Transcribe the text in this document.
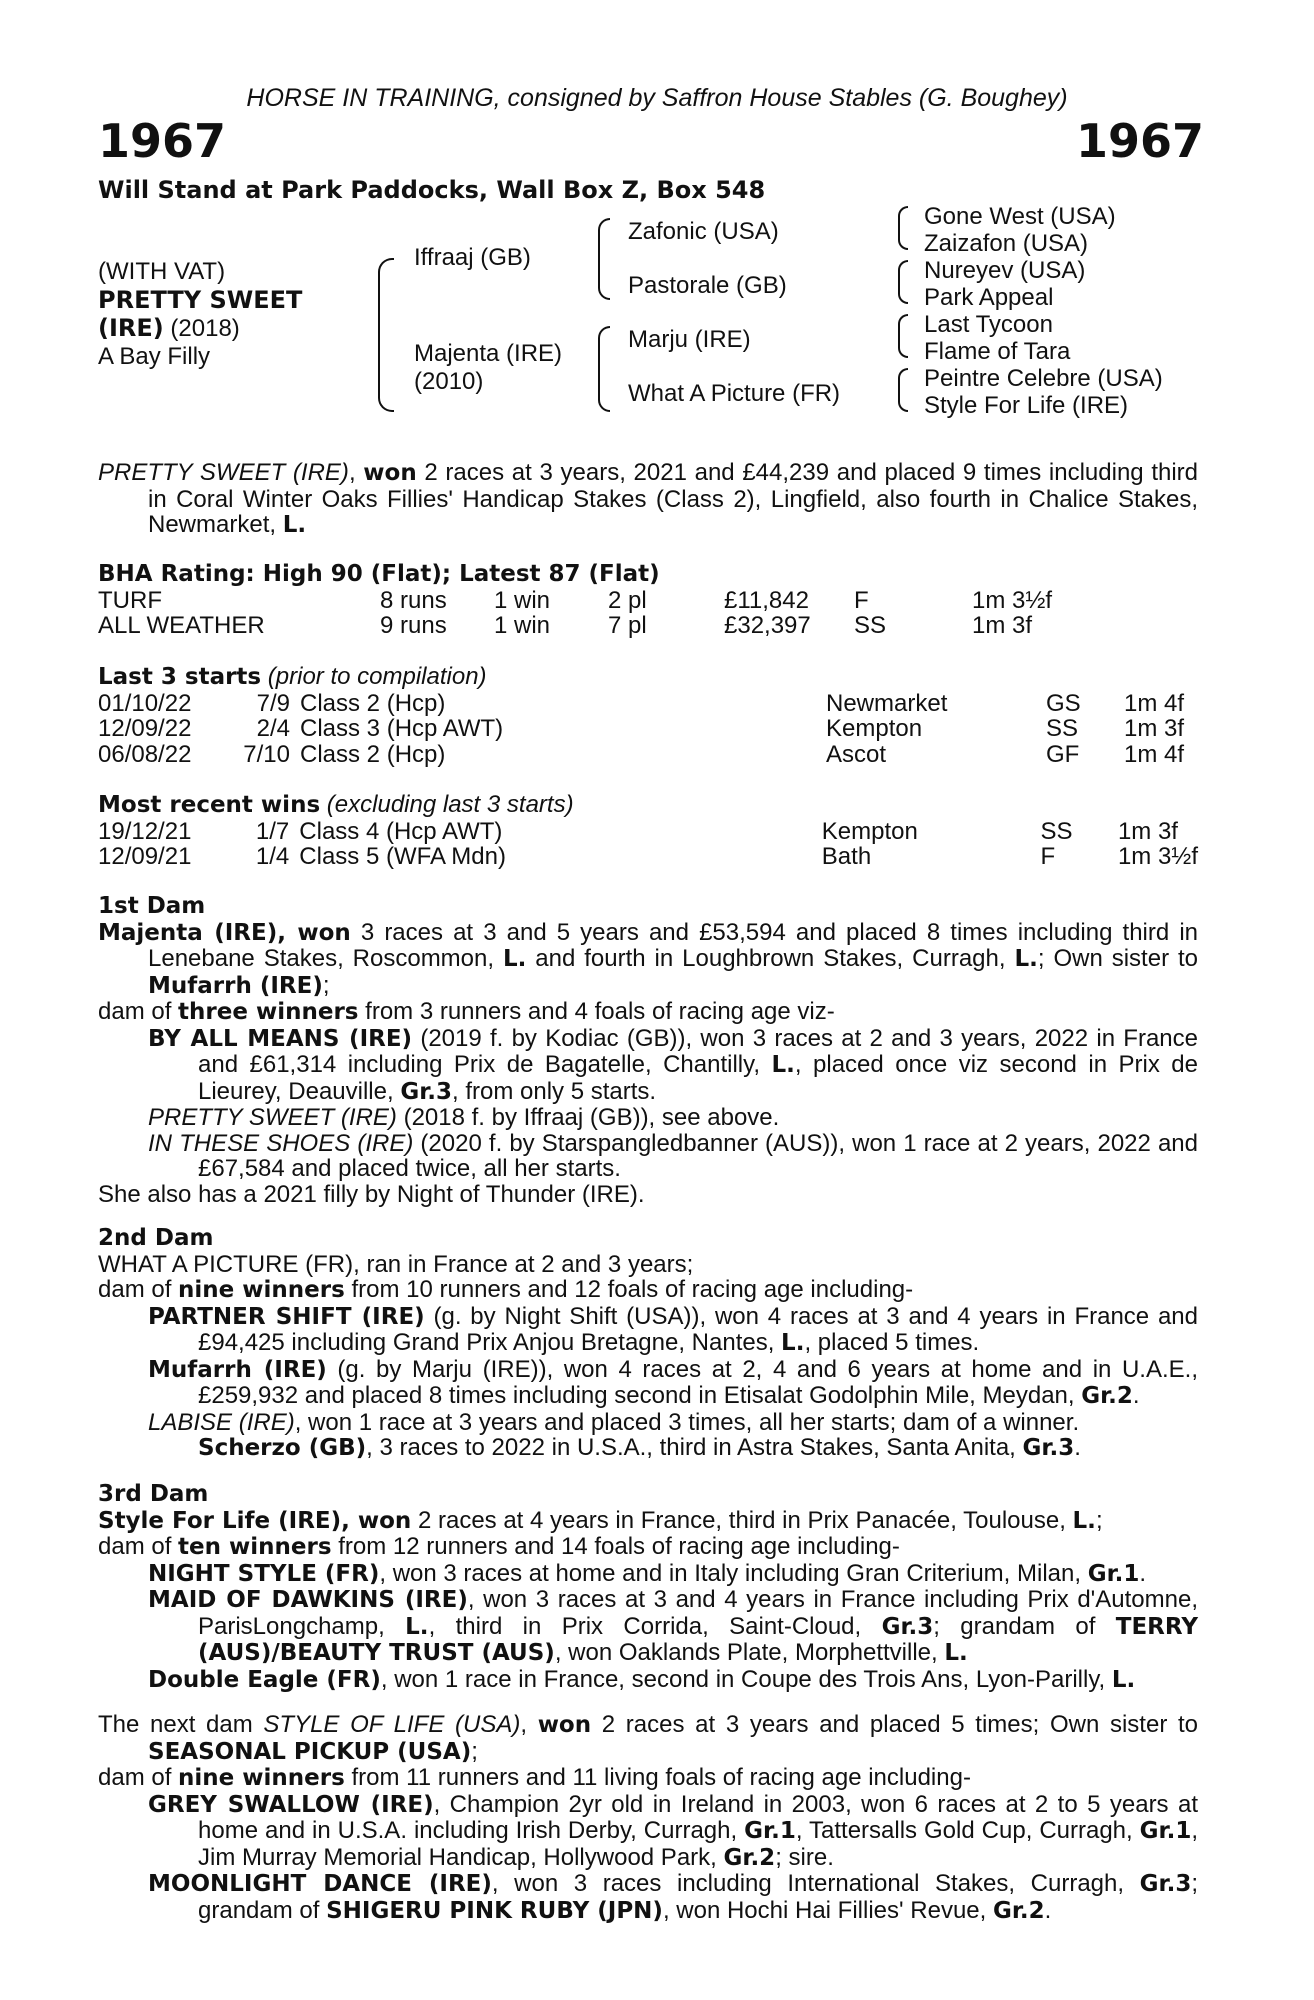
HORSE IN TRAINING, consigned by Saffron House Stables (G. Boughey)
1967	1967
Will Stand at Park Paddocks, Wall Box Z, Box 548
(WITH VAT)
PRETTY SWEET
(IRE) (2018)
A Bay Filly
Iffraaj (GB)
Majenta (IRE)
(2010)
Zafonic (USA)
Pastorale (GB)
Marju (IRE)
What A Picture (FR)
Gone West (USA)
Zaizafon (USA)
Nureyev (USA)
Park Appeal
Last Tycoon
Flame of Tara
Peintre Celebre (USA)
Style For Life (IRE)

PRETTY SWEET (IRE), won 2 races at 3 years, 2021 and £44,239 and placed 9 times including third in Coral Winter Oaks Fillies' Handicap Stakes (Class 2), Lingfield, also fourth in Chalice Stakes, Newmarket, L.

BHA Rating: High 90 (Flat); Latest 87 (Flat)

TURF	8 runs	1 win	2 pl	£11,842	F	1m 3½f
ALL WEATHER	9 runs	1 win	7 pl	£32,397	SS	1m 3f

Last 3 starts (prior to compilation)

01/10/22	7/9	Class 2 (Hcp)	Newmarket	GS	1m 4f
12/09/22	2/4	Class 3 (Hcp AWT)	Kempton	SS	1m 3f
06/08/22	7/10	Class 2 (Hcp)	Ascot	GF	1m 4f

Most recent wins (excluding last 3 starts)

19/12/21	1/7	Class 4 (Hcp AWT)	Kempton	SS	1m 3f
12/09/21	1/4	Class 5 (WFA Mdn)	Bath	F	1m 3½f

1st Dam

Majenta (IRE), won 3 races at 3 and 5 years and £53,594 and placed 8 times including third in Lenebane Stakes, Roscommon, L. and fourth in Loughbrown Stakes, Curragh, L.; Own sister to Mufarrh (IRE);

dam of three winners from 3 runners and 4 foals of racing age viz-

BY ALL MEANS (IRE) (2019 f. by Kodiac (GB)), won 3 races at 2 and 3 years, 2022 in France and £61,314 including Prix de Bagatelle, Chantilly, L., placed once viz second in Prix de Lieurey, Deauville, Gr.3, from only 5 starts.

PRETTY SWEET (IRE) (2018 f. by Iffraaj (GB)), see above.

IN THESE SHOES (IRE) (2020 f. by Starspangledbanner (AUS)), won 1 race at 2 years, 2022 and £67,584 and placed twice, all her starts.

She also has a 2021 filly by Night of Thunder (IRE).

2nd Dam

WHAT A PICTURE (FR), ran in France at 2 and 3 years;

dam of nine winners from 10 runners and 12 foals of racing age including-

PARTNER SHIFT (IRE) (g. by Night Shift (USA)), won 4 races at 3 and 4 years in France and £94,425 including Grand Prix Anjou Bretagne, Nantes, L., placed 5 times.

Mufarrh (IRE) (g. by Marju (IRE)), won 4 races at 2, 4 and 6 years at home and in U.A.E., £259,932 and placed 8 times including second in Etisalat Godolphin Mile, Meydan, Gr.2.

LABISE (IRE), won 1 race at 3 years and placed 3 times, all her starts; dam of a winner.

Scherzo (GB), 3 races to 2022 in U.S.A., third in Astra Stakes, Santa Anita, Gr.3.

3rd Dam

Style For Life (IRE), won 2 races at 4 years in France, third in Prix Panacée, Toulouse, L.;

dam of ten winners from 12 runners and 14 foals of racing age including-

NIGHT STYLE (FR), won 3 races at home and in Italy including Gran Criterium, Milan, Gr.1.

MAID OF DAWKINS (IRE), won 3 races at 3 and 4 years in France including Prix d'Automne, ParisLongchamp, L., third in Prix Corrida, Saint-Cloud, Gr.3; grandam of TERRY (AUS)/BEAUTY TRUST (AUS), won Oaklands Plate, Morphettville, L.

Double Eagle (FR), won 1 race in France, second in Coupe des Trois Ans, Lyon-Parilly, L.

The next dam STYLE OF LIFE (USA), won 2 races at 3 years and placed 5 times; Own sister to SEASONAL PICKUP (USA);

dam of nine winners from 11 runners and 11 living foals of racing age including-

GREY SWALLOW (IRE), Champion 2yr old in Ireland in 2003, won 6 races at 2 to 5 years at home and in U.S.A. including Irish Derby, Curragh, Gr.1, Tattersalls Gold Cup, Curragh, Gr.1, Jim Murray Memorial Handicap, Hollywood Park, Gr.2; sire.

MOONLIGHT DANCE (IRE), won 3 races including International Stakes, Curragh, Gr.3; grandam of SHIGERU PINK RUBY (JPN), won Hochi Hai Fillies' Revue, Gr.2.
